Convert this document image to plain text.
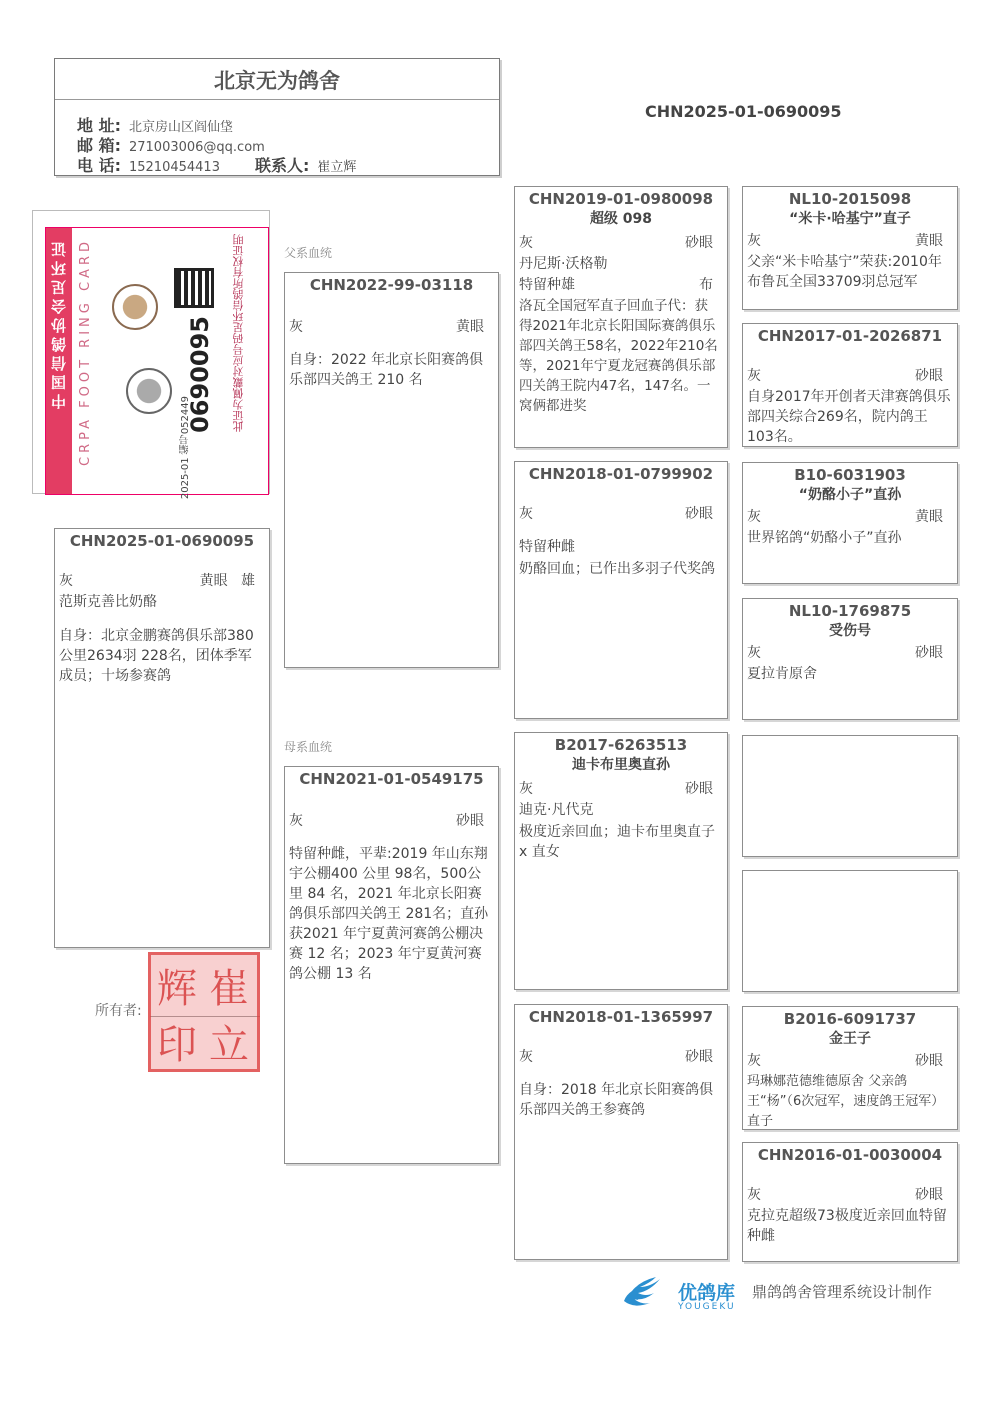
北京无为鸽舍
地 址: 北京房山区阎仙垡
邮 箱: 271003006@qq.com
电 话: 15210454413 联系人: 崔立辉
CHN2025-01-0690095
中国信鸽协会足环证 CRPA FOOT RING CARD	0690095
2025-01 编号052449
此证为佩戴对应号码足环信鸽所有权证明	父系血统
母系血统
CHN2025-01-0690095
灰	黄眼 雄
范斯克善比奶酪
自身：北京金鹏赛鸽俱乐部380公里2634羽 228名，团体季军成员；十场参赛鸽
CHN2022-99-03118
灰	黄眼
自身：2022 年北京长阳赛鸽俱乐部四关鸽王 210 名
CHN2021-01-0549175
灰	砂眼
特留种雌，平辈:2019 年山东翔宇公棚400 公里 98名，500公里 84 名，2021 年北京长阳赛鸽俱乐部四关鸽王 281名；直孙获2021 年宁夏黄河赛鸽公棚决赛 12 名；2023 年宁夏黄河赛鸽公棚 13 名
CHN2019-01-0980098
超级 098
灰	砂眼
丹尼斯·沃格勒
特留种雄	布
洛瓦全国冠军直子回血子代：获得2021年北京长阳国际赛鸽俱乐部四关鸽王58名，2022年210名等，2021年宁夏龙冠赛鸽俱乐部四关鸽王院内47名，147名。一窝俩都进奖
CHN2018-01-0799902
灰	砂眼
特留种雌
奶酪回血；已作出多羽子代奖鸽
B2017-6263513
迪卡布里奥直孙
灰	砂眼
迪克·凡代克
极度近亲回血；迪卡布里奥直子 x 直女
CHN2018-01-1365997
灰	砂眼
自身：2018 年北京长阳赛鸽俱乐部四关鸽王参赛鸽
NL10-2015098
“米卡·哈基宁”直子
灰	黄眼
父亲“米卡哈基宁”荣获:2010年布鲁瓦全国33709羽总冠军
CHN2017-01-2026871
灰	砂眼
自身2017年开创者天津赛鸽俱乐部四关综合269名，院内鸽王103名。
B10-6031903
“奶酪小子”直孙
灰	黄眼
世界铭鸽“奶酪小子”直孙
NL10-1769875
受伤号
灰	砂眼
夏拉肯原舍
B2016-6091737
金王子
灰	砂眼
玛琳娜范德维德原舍 父亲鸽王“杨”（6次冠军，速度鸽王冠军）直子
CHN2016-01-0030004
灰	砂眼
克拉克超级73极度近亲回血特留种雌
所有者: 崔
立
辉
印
优鸽库
YOUGEKU
鼎鸽鸽舍管理系统设计制作
